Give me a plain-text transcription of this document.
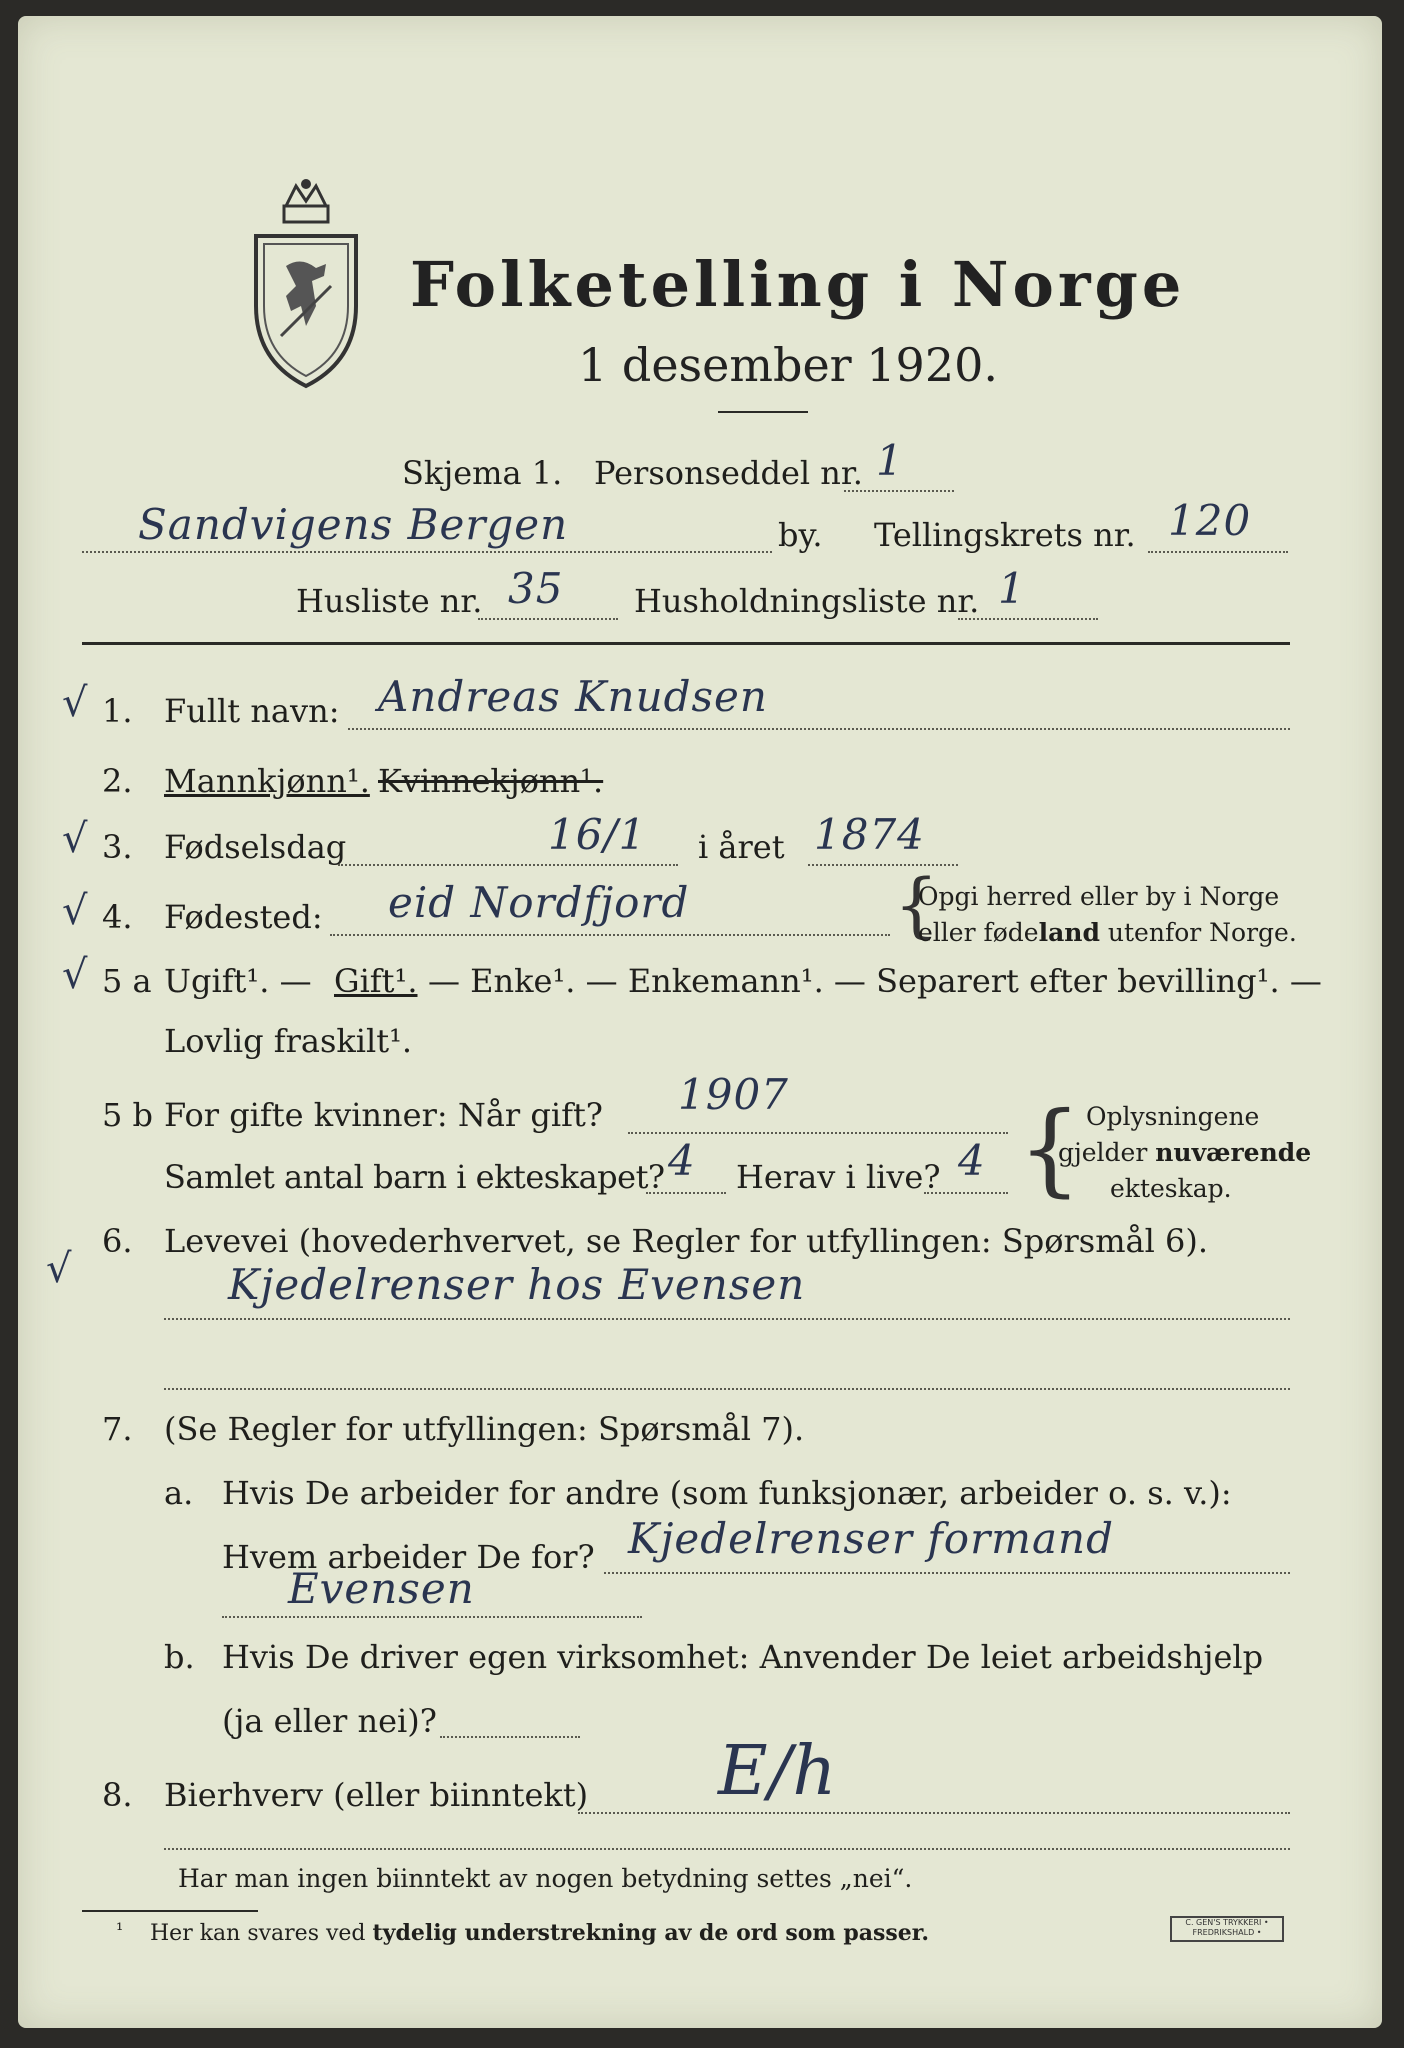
Folketelling i Norge
1 desember 1920.
Skjema 1. Personseddel nr. 1
Sandvigens Bergen	by. Tellingskrets nr. 120
Husliste nr. 35 Husholdningsliste nr. 1
√ 1. Fullt navn: Andreas Knudsen
2. Mannkjønn¹. Kvinnekjønn¹.
√ 3. Fødselsdag	16/1 i året 1874
√ 4. Fødested: eid Nordfjord	{
Opgi herred eller by i Norge
eller fødeland utenfor Norge.
√ 5 a Ugift¹. — Gift¹. — Enke¹. — Enkemann¹. — Separert efter bevilling¹. —
Lovlig fraskilt¹.
5 b For gifte kvinner: Når gift? 1907
Samlet antal barn i ekteskapet? 4 Herav i live? 4 { Oplysningene
gjelder nuværende
ekteskap.
6. Levevei (hovederhvervet, se Regler for utfyllingen: Spørsmål 6).
√	Kjedelrenser hos Evensen
7. (Se Regler for utfyllingen: Spørsmål 7).
a. Hvis De arbeider for andre (som funksjonær, arbeider o. s. v.):
Hvem arbeider De for? Kjedelrenser formand
Evensen
b. Hvis De driver egen virksomhet: Anvender De leiet arbeidshjelp
(ja eller nei)?
8. Bierhverv (eller biinntekt) E/h
Har man ingen biinntekt av nogen betydning settes „nei“.
¹ Her kan svares ved tydelig understrekning av de ord som passer.	C. GEN'S TRYKKERI • FREDRIKSHALD •
